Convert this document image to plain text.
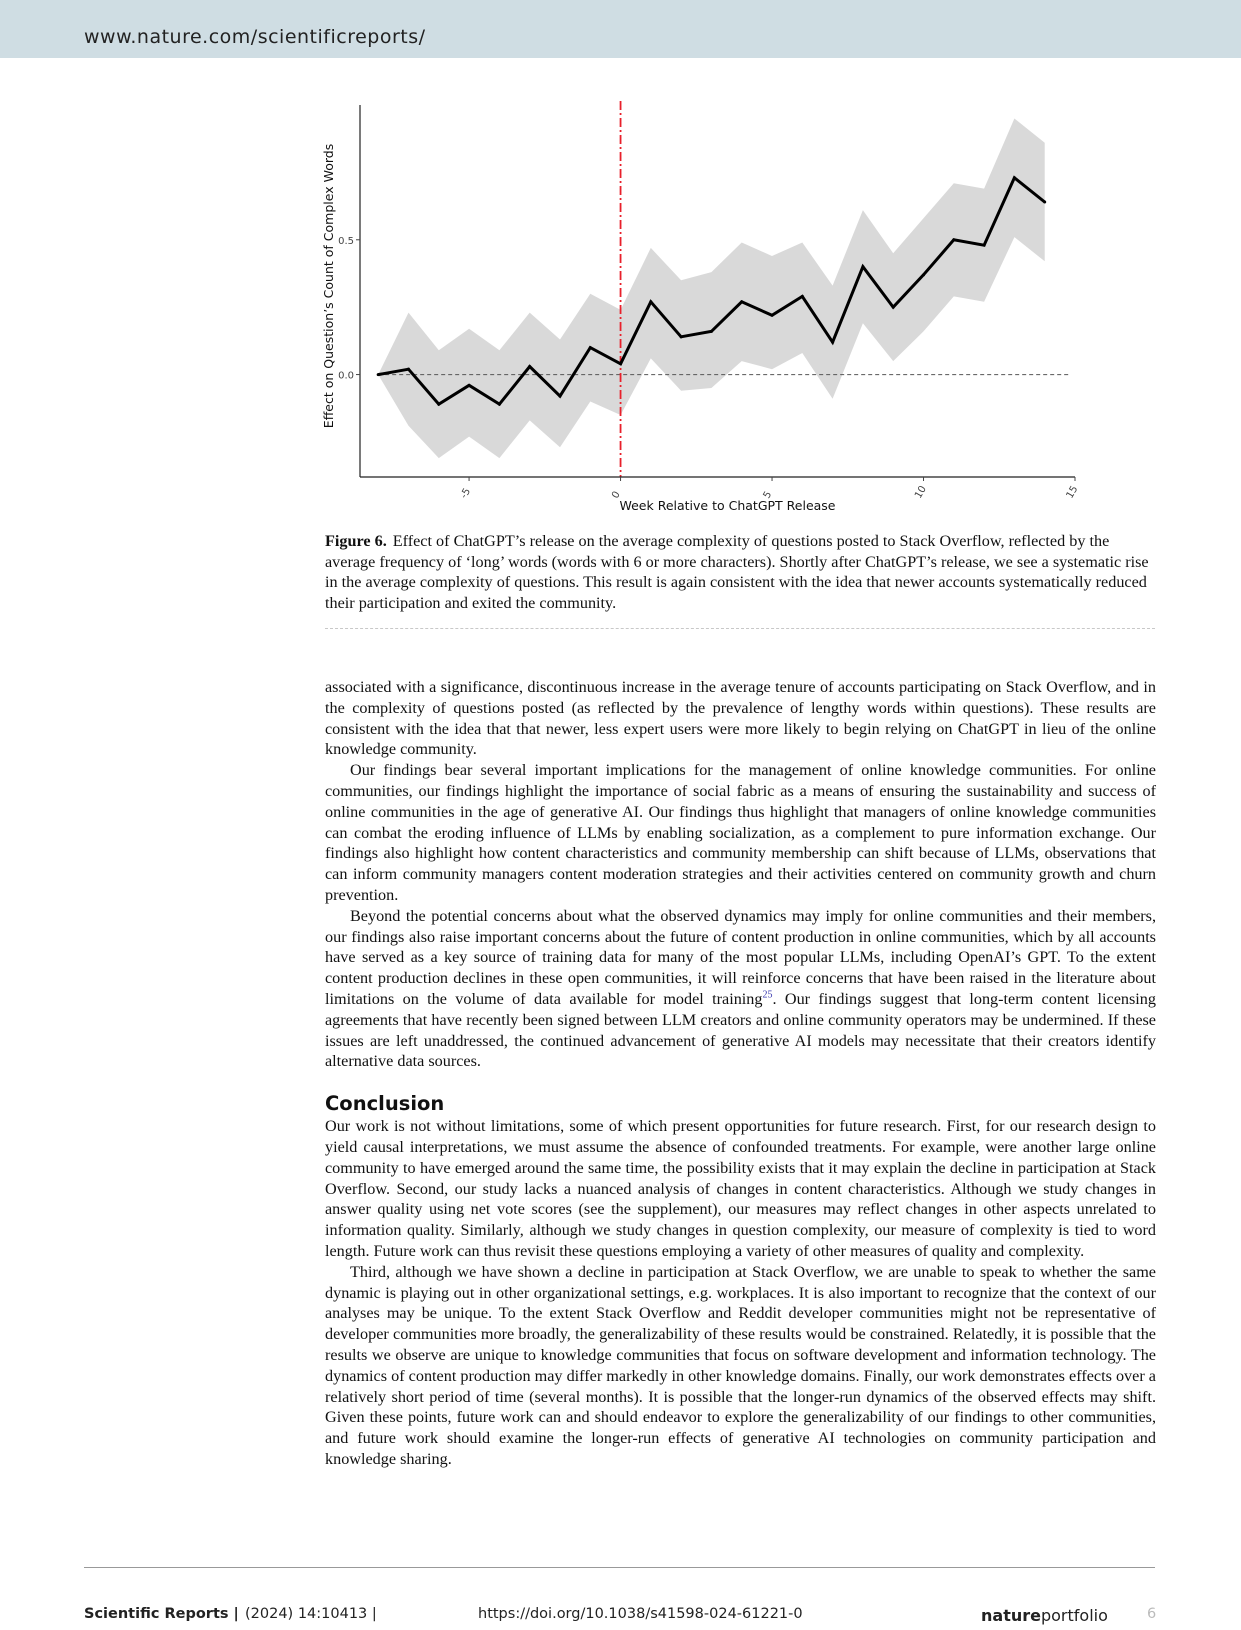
www.nature.com/scientificreports/
0.0
0.5
-5	0	5	10	15
Week Relative to ChatGPT Release
Effect on Question’s Count of Complex Words
Figure 6. Effect of ChatGPT’s release on the average complexity of questions posted to Stack Overflow, reflected by the average frequency of ‘long’ words (words with 6 or more characters). Shortly after ChatGPT’s release, we see a systematic rise in the average complexity of questions. This result is again consistent with the idea that newer accounts systematically reduced their participation and exited the community.

associated with a significance, discontinuous increase in the average tenure of accounts participating on Stack Overflow, and in the complexity of questions posted (as reflected by the prevalence of lengthy words within questions). These results are consistent with the idea that that newer, less expert users were more likely to begin relying on ChatGPT in lieu of the online knowledge community.

Our findings bear several important implications for the management of online knowledge communities. For online communities, our findings highlight the importance of social fabric as a means of ensuring the sustainability and success of online communities in the age of generative AI. Our findings thus highlight that managers of online knowledge communities can combat the eroding influence of LLMs by enabling socialization, as a complement to pure information exchange. Our findings also highlight how content characteristics and community membership can shift because of LLMs, observations that can inform community managers content moderation strategies and their activities centered on community growth and churn prevention.

Beyond the potential concerns about what the observed dynamics may imply for online communities and their members, our findings also raise important concerns about the future of content production in online communities, which by all accounts have served as a key source of training data for many of the most popular LLMs, including OpenAI’s GPT. To the extent content production declines in these open communities, it will reinforce concerns that have been raised in the literature about limitations on the volume of data available for model training$^{25}$. Our findings suggest that long-term content licensing agreements that have recently been signed between LLM creators and online community operators may be undermined. If these issues are left unaddressed, the continued advancement of generative AI models may necessitate that their creators identify alternative data sources.

Conclusion

Our work is not without limitations, some of which present opportunities for future research. First, for our research design to yield causal interpretations, we must assume the absence of confounded treatments. For example, were another large online community to have emerged around the same time, the possibility exists that it may explain the decline in participation at Stack Overflow. Second, our study lacks a nuanced analysis of changes in content characteristics. Although we study changes in answer quality using net vote scores (see the supplement), our measures may reflect changes in other aspects unrelated to information quality. Similarly, although we study changes in question complexity, our measure of complexity is tied to word length. Future work can thus revisit these questions employing a variety of other measures of quality and complexity.

Third, although we have shown a decline in participation at Stack Overflow, we are unable to speak to whether the same dynamic is playing out in other organizational settings, e.g. workplaces. It is also important to recognize that the context of our analyses may be unique. To the extent Stack Overflow and Reddit developer communities might not be representative of developer communities more broadly, the generalizability of these results would be constrained. Relatedly, it is possible that the results we observe are unique to knowledge communities that focus on software development and information technology. The dynamics of content production may differ markedly in other knowledge domains. Finally, our work demonstrates effects over a relatively short period of time (several months). It is possible that the longer-run dynamics of the observed effects may shift. Given these points, future work can and should endeavor to explore the generalizability of our findings to other communities, and future work should examine the longer-run effects of generative AI technologies on community participation and knowledge sharing.

Scientific Reports | (2024) 14:10413 |	https://doi.org/10.1038/s41598-024-61221-0	natureportfolio	6
